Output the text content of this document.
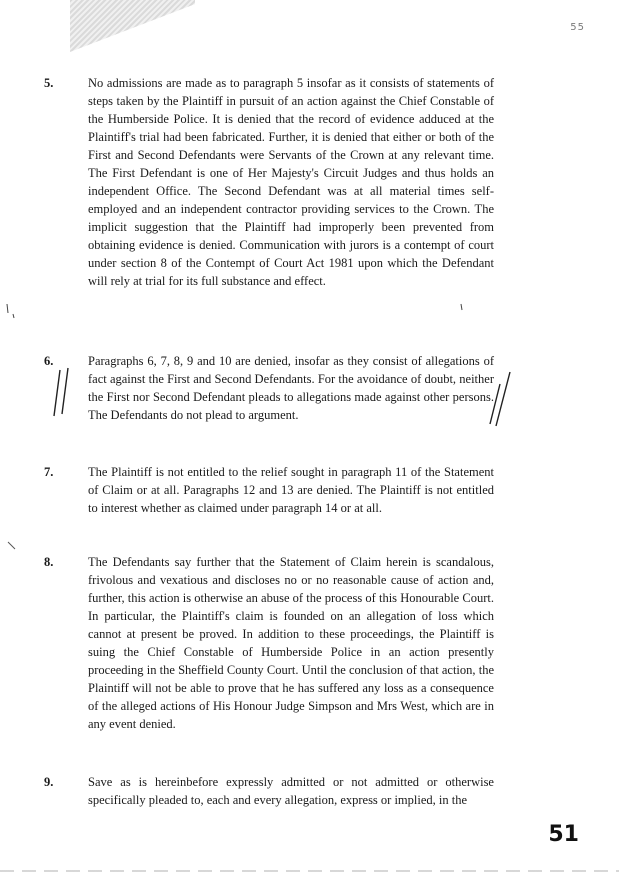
55
5.	No admissions are made as to paragraph 5 insofar as it consists of statements of steps taken by the Plaintiff in pursuit of an action against the Chief Constable of the Humberside Police. It is denied that the record of evidence adduced at the Plaintiff's trial had been fabricated. Further, it is denied that either or both of the First and Second Defendants were Servants of the Crown at any relevant time. The First Defendant is one of Her Majesty's Circuit Judges and thus holds an independent Office. The Second Defendant was at all material times self-employed and an independent contractor providing services to the Crown. The implicit suggestion that the Plaintiff had improperly been prevented from obtaining evidence is denied. Communication with jurors is a contempt of court under section 8 of the Contempt of Court Act 1981 upon which the Defendant will rely at trial for its full substance and effect.
6.	Paragraphs 6, 7, 8, 9 and 10 are denied, insofar as they consist of allegations of fact against the First and Second Defendants. For the avoidance of doubt, neither the First nor Second Defendant pleads to allegations made against other persons. The Defendants do not plead to argument.
7.	The Plaintiff is not entitled to the relief sought in paragraph 11 of the Statement of Claim or at all. Paragraphs 12 and 13 are denied. The Plaintiff is not entitled to interest whether as claimed under paragraph 14 or at all.
8.	The Defendants say further that the Statement of Claim herein is scandalous, frivolous and vexatious and discloses no or no reasonable cause of action and, further, this action is otherwise an abuse of the process of this Honourable Court. In particular, the Plaintiff's claim is founded on an allegation of loss which cannot at present be proved. In addition to these proceedings, the Plaintiff is suing the Chief Constable of Humberside Police in an action presently proceeding in the Sheffield County Court. Until the conclusion of that action, the Plaintiff will not be able to prove that he has suffered any loss as a consequence of the alleged actions of His Honour Judge Simpson and Mrs West, which are in any event denied.
9.	Save as is hereinbefore expressly admitted or not admitted or otherwise specifically pleaded to, each and every allegation, express or implied, in the
51
